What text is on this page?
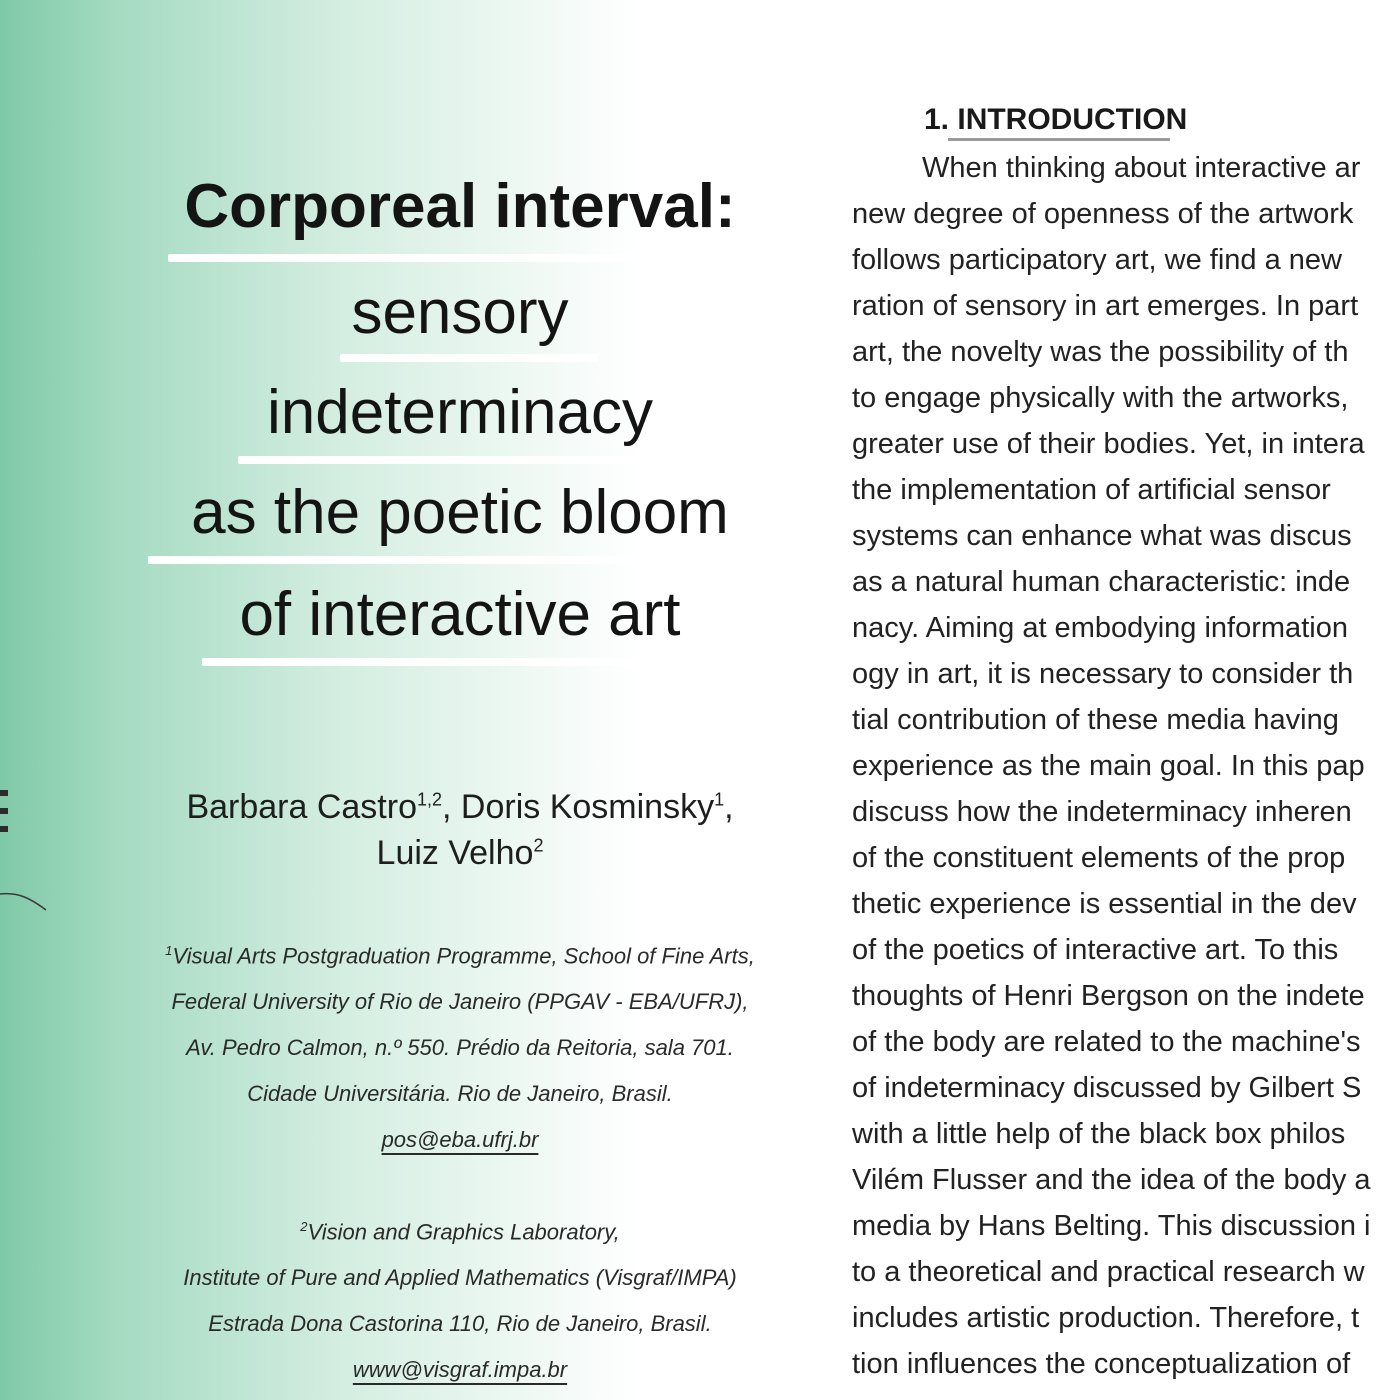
Corporeal interval:
sensory
indeterminacy
as the poetic bloom
of interactive art
Barbara Castro$^{1,2}$, Doris Kosminsky$^1$,
Luiz Velho$^2$
$^1$Visual Arts Postgraduation Programme, School of Fine Arts,
Federal University of Rio de Janeiro (PPGAV - EBA/UFRJ),
Av. Pedro Calmon, n.º 550. Prédio da Reitoria, sala 701.
Cidade Universitária. Rio de Janeiro, Brasil.
pos@eba.ufrj.br
$^2$Vision and Graphics Laboratory,
Institute of Pure and Applied Mathematics (Visgraf/IMPA)
Estrada Dona Castorina 110, Rio de Janeiro, Brasil.
www@visgraf.impa.br
1. INTRODUCTION
When thinking about interactive ar
new degree of openness of the artwork
follows participatory art, we find a new
ration of sensory in art emerges. In part
art, the novelty was the possibility of th
to engage physically with the artworks,
greater use of their bodies. Yet, in intera
the implementation of artificial sensor
systems can enhance what was discus
as a natural human characteristic: inde
nacy. Aiming at embodying information
ogy in art, it is necessary to consider th
tial contribution of these media having
experience as the main goal. In this pap
discuss how the indeterminacy inheren
of the constituent elements of the prop
thetic experience is essential in the dev
of the poetics of interactive art. To this
thoughts of Henri Bergson on the indete
of the body are related to the machine's
of indeterminacy discussed by Gilbert S
with a little help of the black box philos
Vilém Flusser and the idea of the body a
media by Hans Belting. This discussion i
to a theoretical and practical research w
includes artistic production. Therefore, t
tion influences the conceptualization of
